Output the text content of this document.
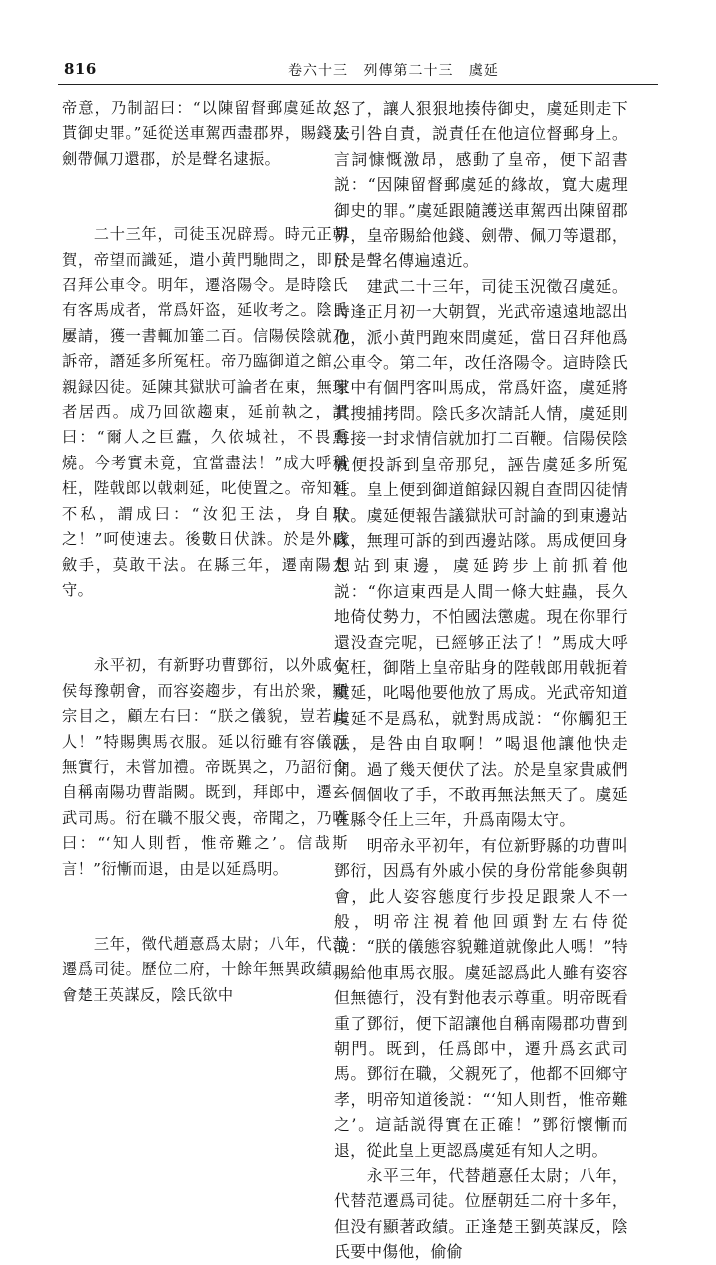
816	卷六十三 列傳第二十三 虞延

帝意，乃制詔曰：“以陳留督郵虞延故，貰御史罪。”延從送車駕西盡郡界，賜錢及劍帶佩刀還郡，於是聲名逮振。

　　二十三年，司徒玉况辟焉。時元正朝賀，帝望而識延，遣小黄門馳問之，即日召拜公車令。明年，遷洛陽令。是時陰氏有客馬成者，常爲奸盗，延收考之。陰氏屢請，獲一書輒加箠二百。信陽侯陰就乃訴帝，譖延多所冤枉。帝乃臨御道之館，親録囚徒。延陳其獄狀可論者在東，無理者居西。成乃回欲趨東，延前執之，謂曰：“爾人之巨蠹，久依城社，不畏熏燒。今考實未竟，宜當盡法！”成大呼稱枉，陛戟郎以戟刺延，叱使置之。帝知延不私，謂成曰：“汝犯王法，身自取之！”呵使速去。後數日伏誅。於是外戚斂手，莫敢干法。在縣三年，遷南陽太守。

　　永平初，有新野功曹鄧衍，以外戚小侯每豫朝會，而容姿趨步，有出於衆，顯宗目之，顧左右曰：“朕之儀貌，豈若此人！”特賜輿馬衣服。延以衍雖有容儀而無實行，未嘗加禮。帝既異之，乃詔衍令自稱南陽功曹詣闕。既到，拜郎中，遷玄武司馬。衍在職不服父喪，帝聞之，乃嘆曰：“‘知人則哲，惟帝難之’。信哉斯言！”衍慚而退，由是以延爲明。

　　三年，徵代趙憙爲太尉；八年，代范遷爲司徒。歷位二府，十餘年無異政績。會楚王英謀反，陰氏欲中

怒了，讓人狠狠地揍侍御史，虞延則走下去引咎自責，説責任在他這位督郵身上。言詞慷慨激昂，感動了皇帝，便下詔書説：“因陳留督郵虞延的緣故，寬大處理御史的罪。”虞延跟隨護送車駕西出陳留郡界，皇帝賜給他錢、劍帶、佩刀等還郡，於是聲名傳遍遠近。

　　建武二十三年，司徒玉況徵召虞延。時逢正月初一大朝賀，光武帝遠遠地認出他，派小黄門跑來問虞延，當日召拜他爲公車令。第二年，改任洛陽令。這時陰氏家中有個門客叫馬成，常爲奸盗，虞延將其搜捕拷問。陰氏多次請託人情，虞延則每接一封求情信就加打二百鞭。信陽侯陰就便投訴到皇帝那兒，誣告虞延多所冤枉。皇上便到御道館録囚親自查問囚徒情狀。虞延便報告議獄狀可討論的到東邊站隊，無理可訴的到西邊站隊。馬成便回身想站到東邊，虞延跨步上前抓着他説：“你這東西是人間一條大蛀蟲，長久地倚仗勢力，不怕國法懲處。現在你罪行還没查完呢，已經够正法了！”馬成大呼冤枉，御階上皇帝貼身的陛戟郎用戟扼着虞延，叱喝他要他放了馬成。光武帝知道虞延不是爲私，就對馬成説：“你觸犯王法，是咎由自取啊！”喝退他讓他快走開。過了幾天便伏了法。於是皇家貴戚們一個個收了手，不敢再無法無天了。虞延在縣令任上三年，升爲南陽太守。

　　明帝永平初年，有位新野縣的功曹叫鄧衍，因爲有外戚小侯的身份常能參與朝會，此人姿容態度行步投足跟衆人不一般，明帝注視着他回頭對左右侍從説：“朕的儀態容貌難道就像此人嗎！”特賜給他車馬衣服。虞延認爲此人雖有姿容但無德行，没有對他表示尊重。明帝既看重了鄧衍，便下詔讓他自稱南陽郡功曹到朝門。既到，任爲郎中，遷升爲玄武司馬。鄧衍在職，父親死了，他都不回鄉守孝，明帝知道後説：“‘知人則哲，惟帝難之’。這話説得實在正確！”鄧衍懷慚而退，從此皇上更認爲虞延有知人之明。

　　永平三年，代替趙憙任太尉；八年，代替范遷爲司徒。位歷朝廷二府十多年，但没有顯著政績。正逢楚王劉英謀反，陰氏要中傷他，偷偷
